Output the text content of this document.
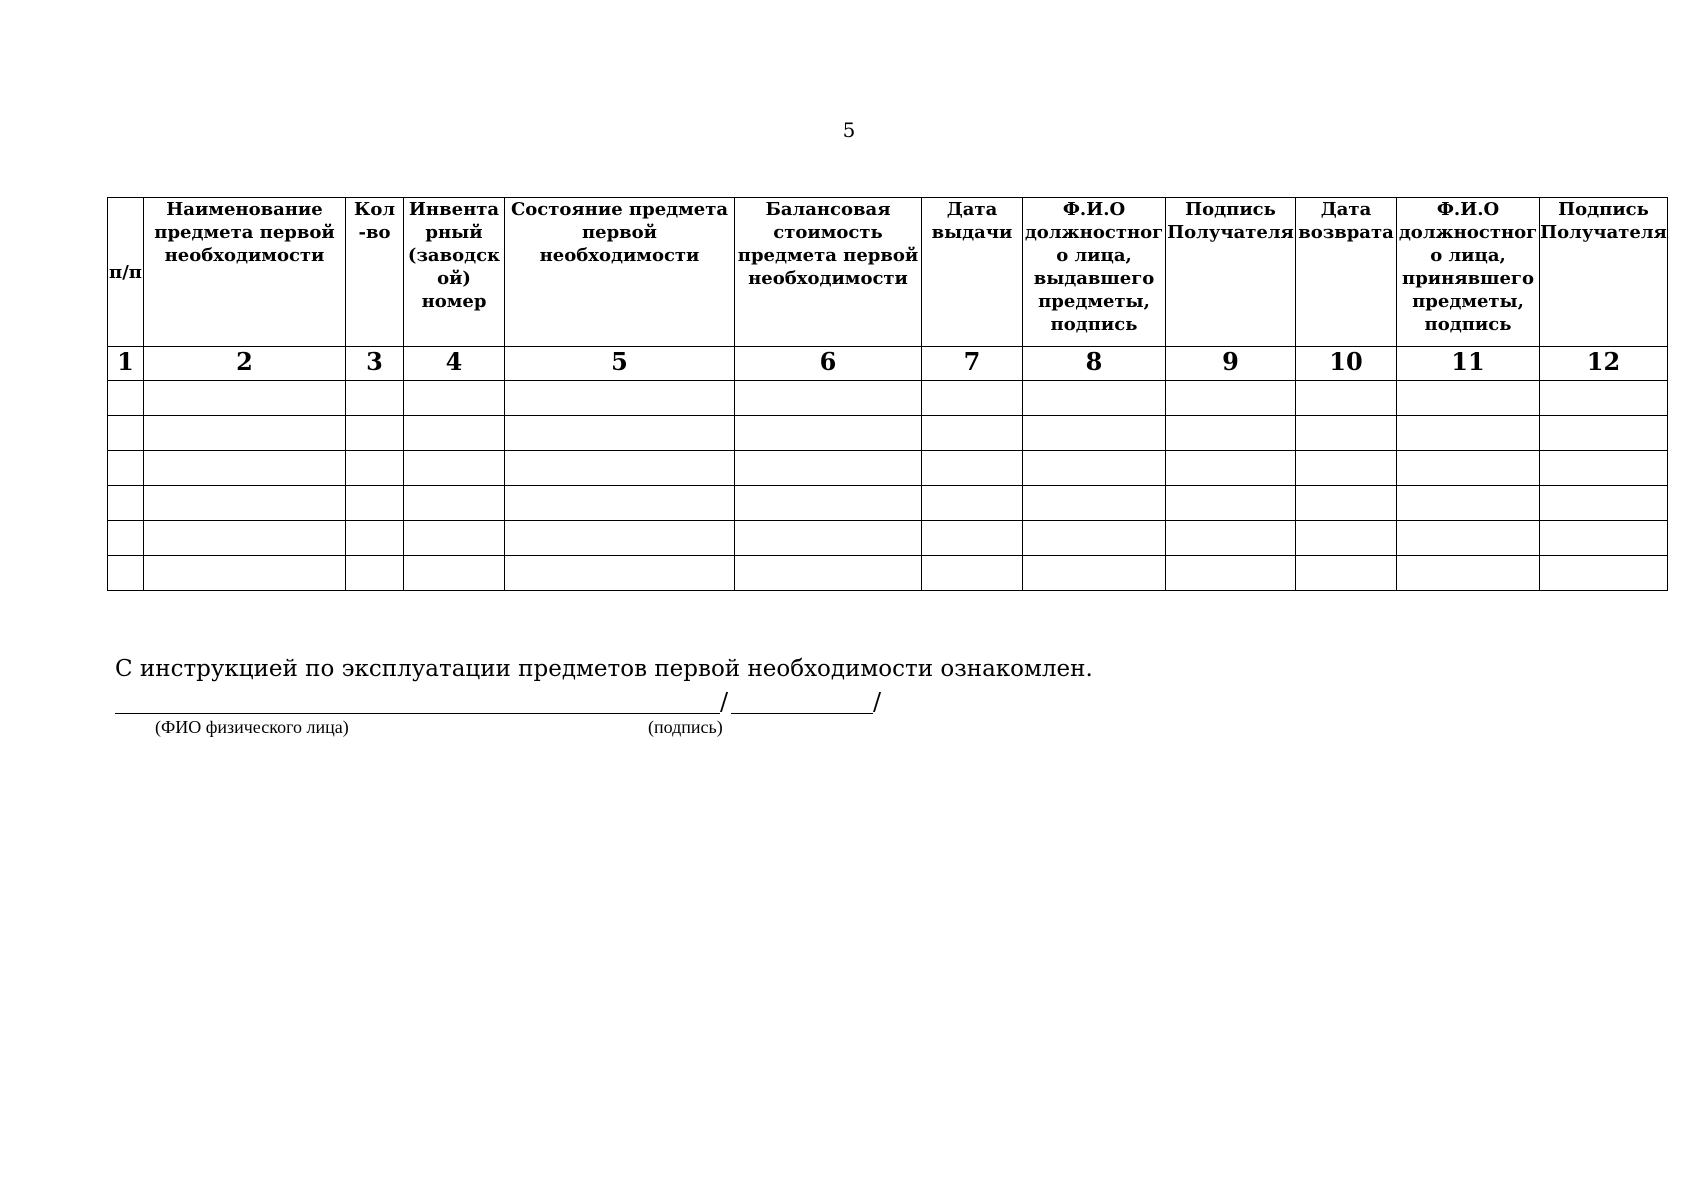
5
п/п	Наименование предмета первой необходимости	Кол -во	Инвента рный (заводск ой) номер	Состояние предмета первой необходимости	Балансовая стоимость предмета первой необходимости	Дата выдачи	Ф.И.О должностног о лица, выдавшего предметы, подпись	Подпись Получателя	Дата возврата	Ф.И.О должностног о лица, принявшего предметы, подпись	Подпись Получателя
1	2	3	4	5	6	7	8	9	10	11	12

С инструкцией по эксплуатации предметов первой необходимости ознакомлен.
/	/
(ФИО физического лица)	(подпись)
